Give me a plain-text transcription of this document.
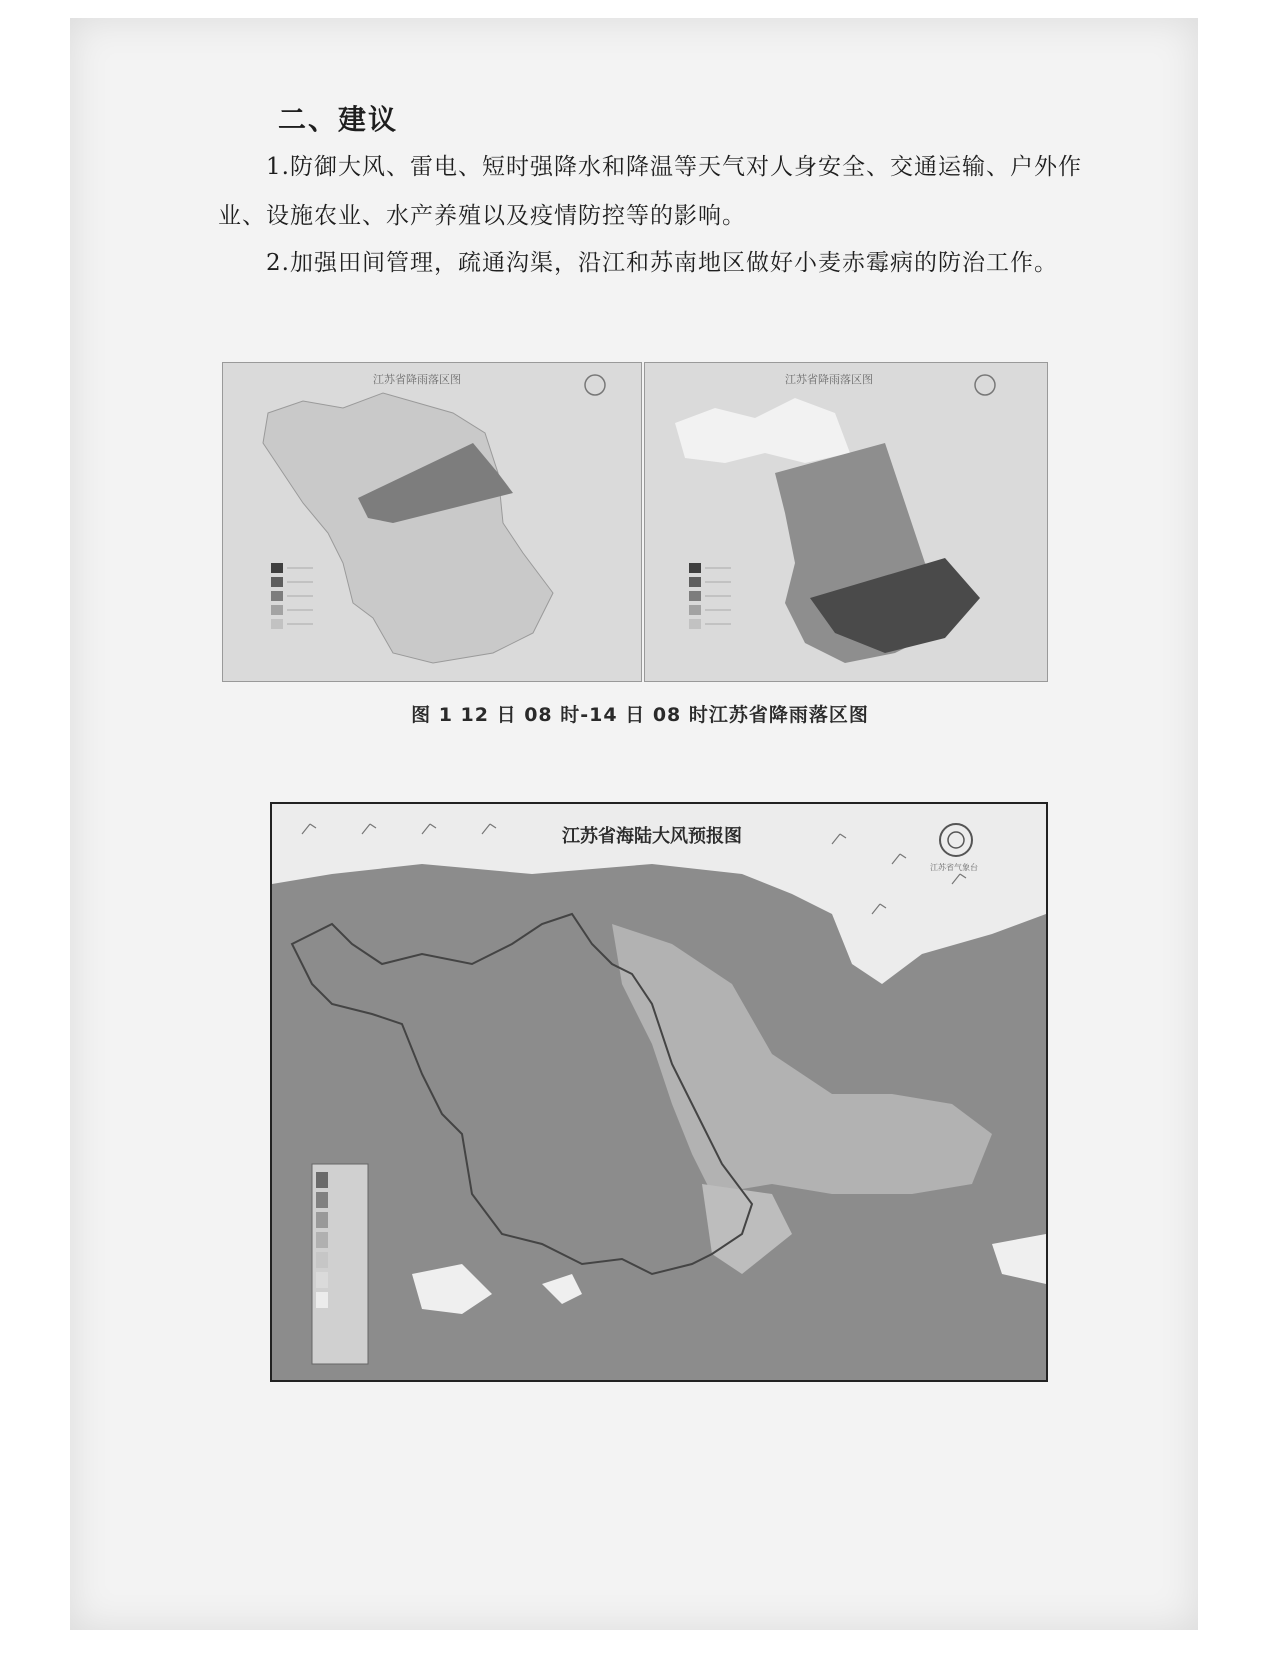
二、建议
1.防御大风、雷电、短时强降水和降温等天气对人身安全、交通运输、户外作业、设施农业、水产养殖以及疫情防控等的影响。
2.加强田间管理，疏通沟渠，沿江和苏南地区做好小麦赤霉病的防治工作。
江苏省降雨落区图	江苏省降雨落区图
图 1 12 日 08 时-14 日 08 时江苏省降雨落区图
江苏省海陆大风预报图
江苏省气象台
